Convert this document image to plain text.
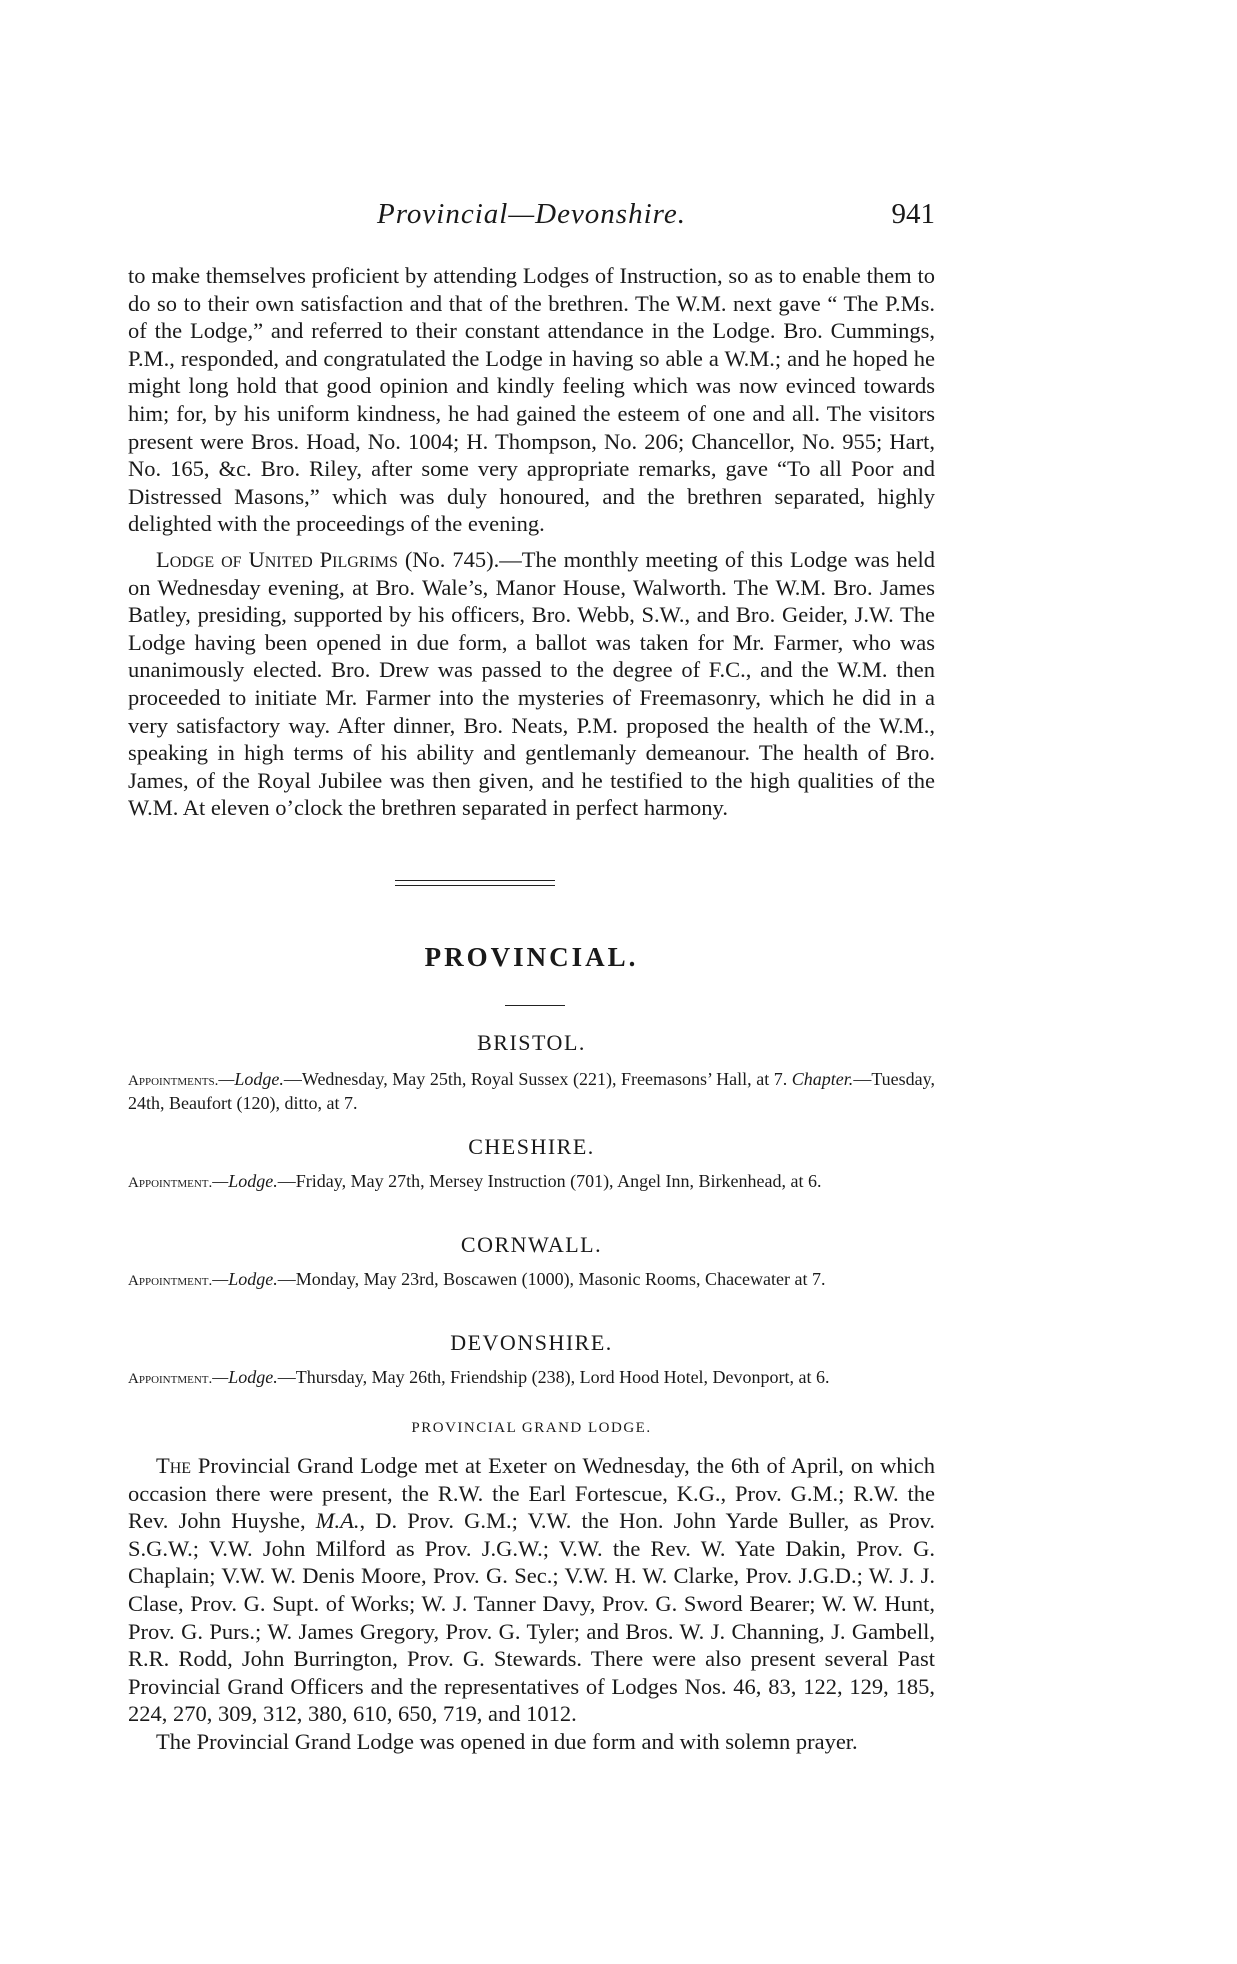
Provincial—Devonshire.	941

to make themselves proficient by attending Lodges of Instruction, so as to enable them to do so to their own satisfaction and that of the brethren. The W.M. next gave “ The P.Ms. of the Lodge,” and referred to their constant attendance in the Lodge. Bro. Cummings, P.M., responded, and congratulated the Lodge in having so able a W.M.; and he hoped he might long hold that good opinion and kindly feeling which was now evinced towards him; for, by his uniform kindness, he had gained the esteem of one and all. The visitors present were Bros. Hoad, No. 1004; H. Thompson, No. 206; Chancellor, No. 955; Hart, No. 165, &c. Bro. Riley, after some very appropriate remarks, gave “To all Poor and Distressed Masons,” which was duly honoured, and the brethren separated, highly delighted with the proceedings of the evening.

Lodge of United Pilgrims (No. 745).—The monthly meeting of this Lodge was held on Wednesday evening, at Bro. Wale’s, Manor House, Walworth. The W.M. Bro. James Batley, presiding, supported by his officers, Bro. Webb, S.W., and Bro. Geider, J.W. The Lodge having been opened in due form, a ballot was taken for Mr. Farmer, who was unanimously elected. Bro. Drew was passed to the degree of F.C., and the W.M. then proceeded to initiate Mr. Farmer into the mysteries of Freemasonry, which he did in a very satisfactory way. After dinner, Bro. Neats, P.M. proposed the health of the W.M., speaking in high terms of his ability and gentlemanly demeanour. The health of Bro. James, of the Royal Jubilee was then given, and he testified to the high qualities of the W.M. At eleven o’clock the brethren separated in perfect harmony.

PROVINCIAL.
BRISTOL.
Appointments.—Lodge.—Wednesday, May 25th, Royal Sussex (221), Freemasons’ Hall, at 7. Chapter.—Tuesday, 24th, Beaufort (120), ditto, at 7.
CHESHIRE.
Appointment.—Lodge.—Friday, May 27th, Mersey Instruction (701), Angel Inn, Birkenhead, at 6.
CORNWALL.
Appointment.—Lodge.—Monday, May 23rd, Boscawen (1000), Masonic Rooms, Chacewater at 7.
DEVONSHIRE.
Appointment.—Lodge.—Thursday, May 26th, Friendship (238), Lord Hood Hotel, Devonport, at 6.
PROVINCIAL GRAND LODGE.

The Provincial Grand Lodge met at Exeter on Wednesday, the 6th of April, on which occasion there were present, the R.W. the Earl Fortescue, K.G., Prov. G.M.; R.W. the Rev. John Huyshe, M.A., D. Prov. G.M.; V.W. the Hon. John Yarde Buller, as Prov. S.G.W.; V.W. John Milford as Prov. J.G.W.; V.W. the Rev. W. Yate Dakin, Prov. G. Chaplain; V.W. W. Denis Moore, Prov. G. Sec.; V.W. H. W. Clarke, Prov. J.G.D.; W. J. J. Clase, Prov. G. Supt. of Works; W. J. Tanner Davy, Prov. G. Sword Bearer; W. W. Hunt, Prov. G. Purs.; W. James Gregory, Prov. G. Tyler; and Bros. W. J. Channing, J. Gambell, R.R. Rodd, John Burrington, Prov. G. Stewards. There were also present several Past Provincial Grand Officers and the representatives of Lodges Nos. 46, 83, 122, 129, 185, 224, 270, 309, 312, 380, 610, 650, 719, and 1012.

The Provincial Grand Lodge was opened in due form and with solemn prayer.
